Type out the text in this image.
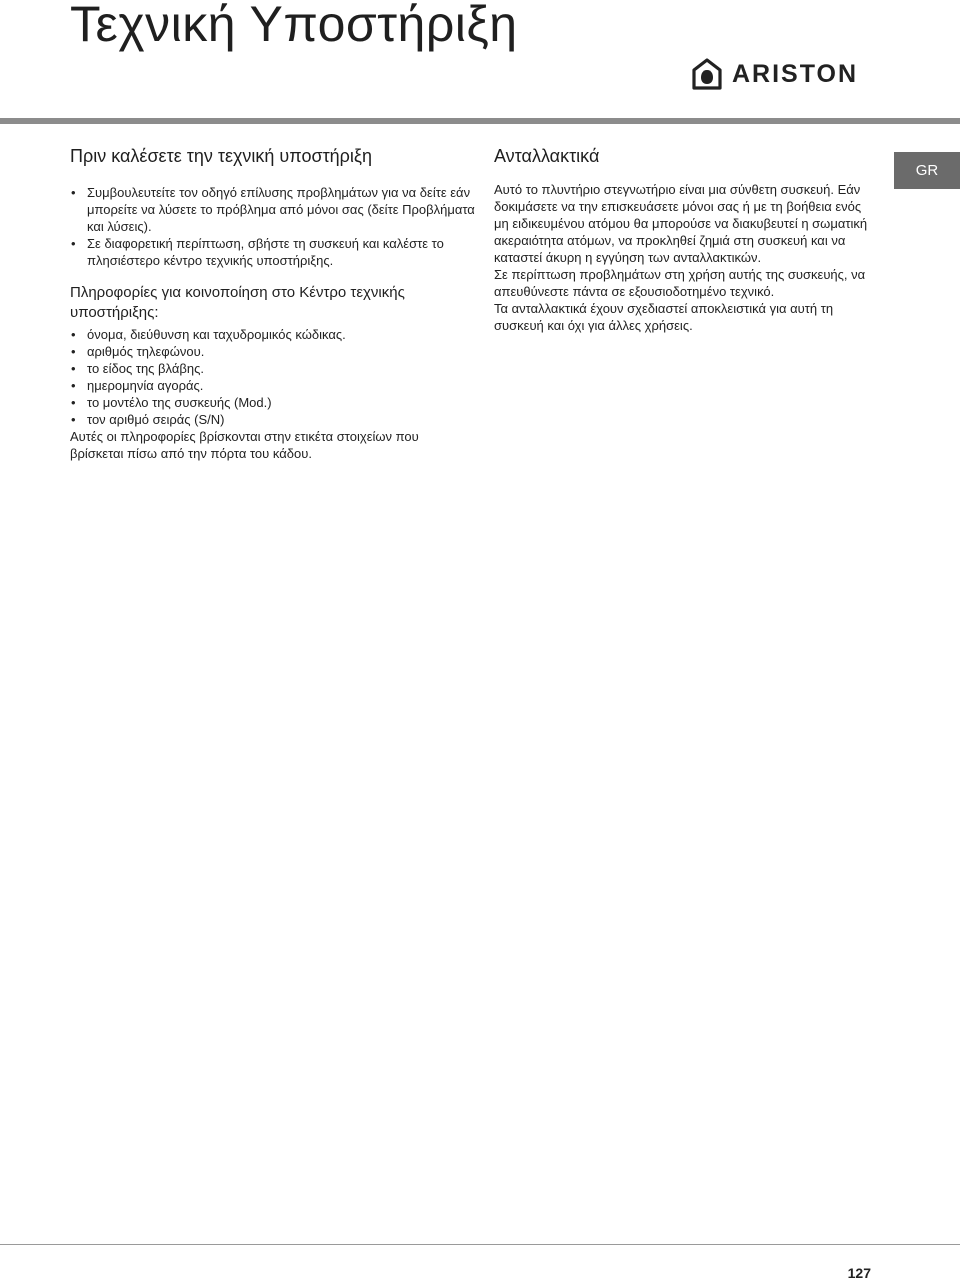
Τεχνική Υποστήριξη
ARISTON
Πριν καλέσετε την τεχνική υποστήριξη
• Συμβουλευτείτε τον οδηγό επίλυσης προβλημάτων για να δείτε εάν μπορείτε να λύσετε το πρόβλημα από μόνοι σας (δείτε Προβλήματα και λύσεις).
• Σε διαφορετική περίπτωση, σβήστε τη συσκευή και καλέστε το πλησιέστερο κέντρο τεχνικής υποστήριξης.
Πληροφορίες για κοινοποίηση στο Κέντρο τεχνικής υποστήριξης:
• όνομα, διεύθυνση και ταχυδρομικός κώδικας.
• αριθμός τηλεφώνου.
• το είδος της βλάβης.
• ημερομηνία αγοράς.
• το μοντέλο της συσκευής (Mod.)
• τον αριθμό σειράς (S/N)

Αυτές οι πληροφορίες βρίσκονται στην ετικέτα στοιχείων που βρίσκεται πίσω από την πόρτα του κάδου.

Ανταλλακτικά

Αυτό το πλυντήριο στεγνωτήριο είναι μια σύνθετη συσκευή. Εάν δοκιμάσετε να την επισκευάσετε μόνοι σας ή με τη βοήθεια ενός μη ειδικευμένου ατόμου θα μπορούσε να διακυβευτεί η σωματική ακεραιότητα ατόμων, να προκληθεί ζημιά στη συσκευή και να καταστεί άκυρη η εγγύηση των ανταλλακτικών.

Σε περίπτωση προβλημάτων στη χρήση αυτής της συσκευής, να απευθύνεστε πάντα σε εξουσιοδοτημένο τεχνικό.

Τα ανταλλακτικά έχουν σχεδιαστεί αποκλειστικά για αυτή τη συσκευή και όχι για άλλες χρήσεις.

GR
127
